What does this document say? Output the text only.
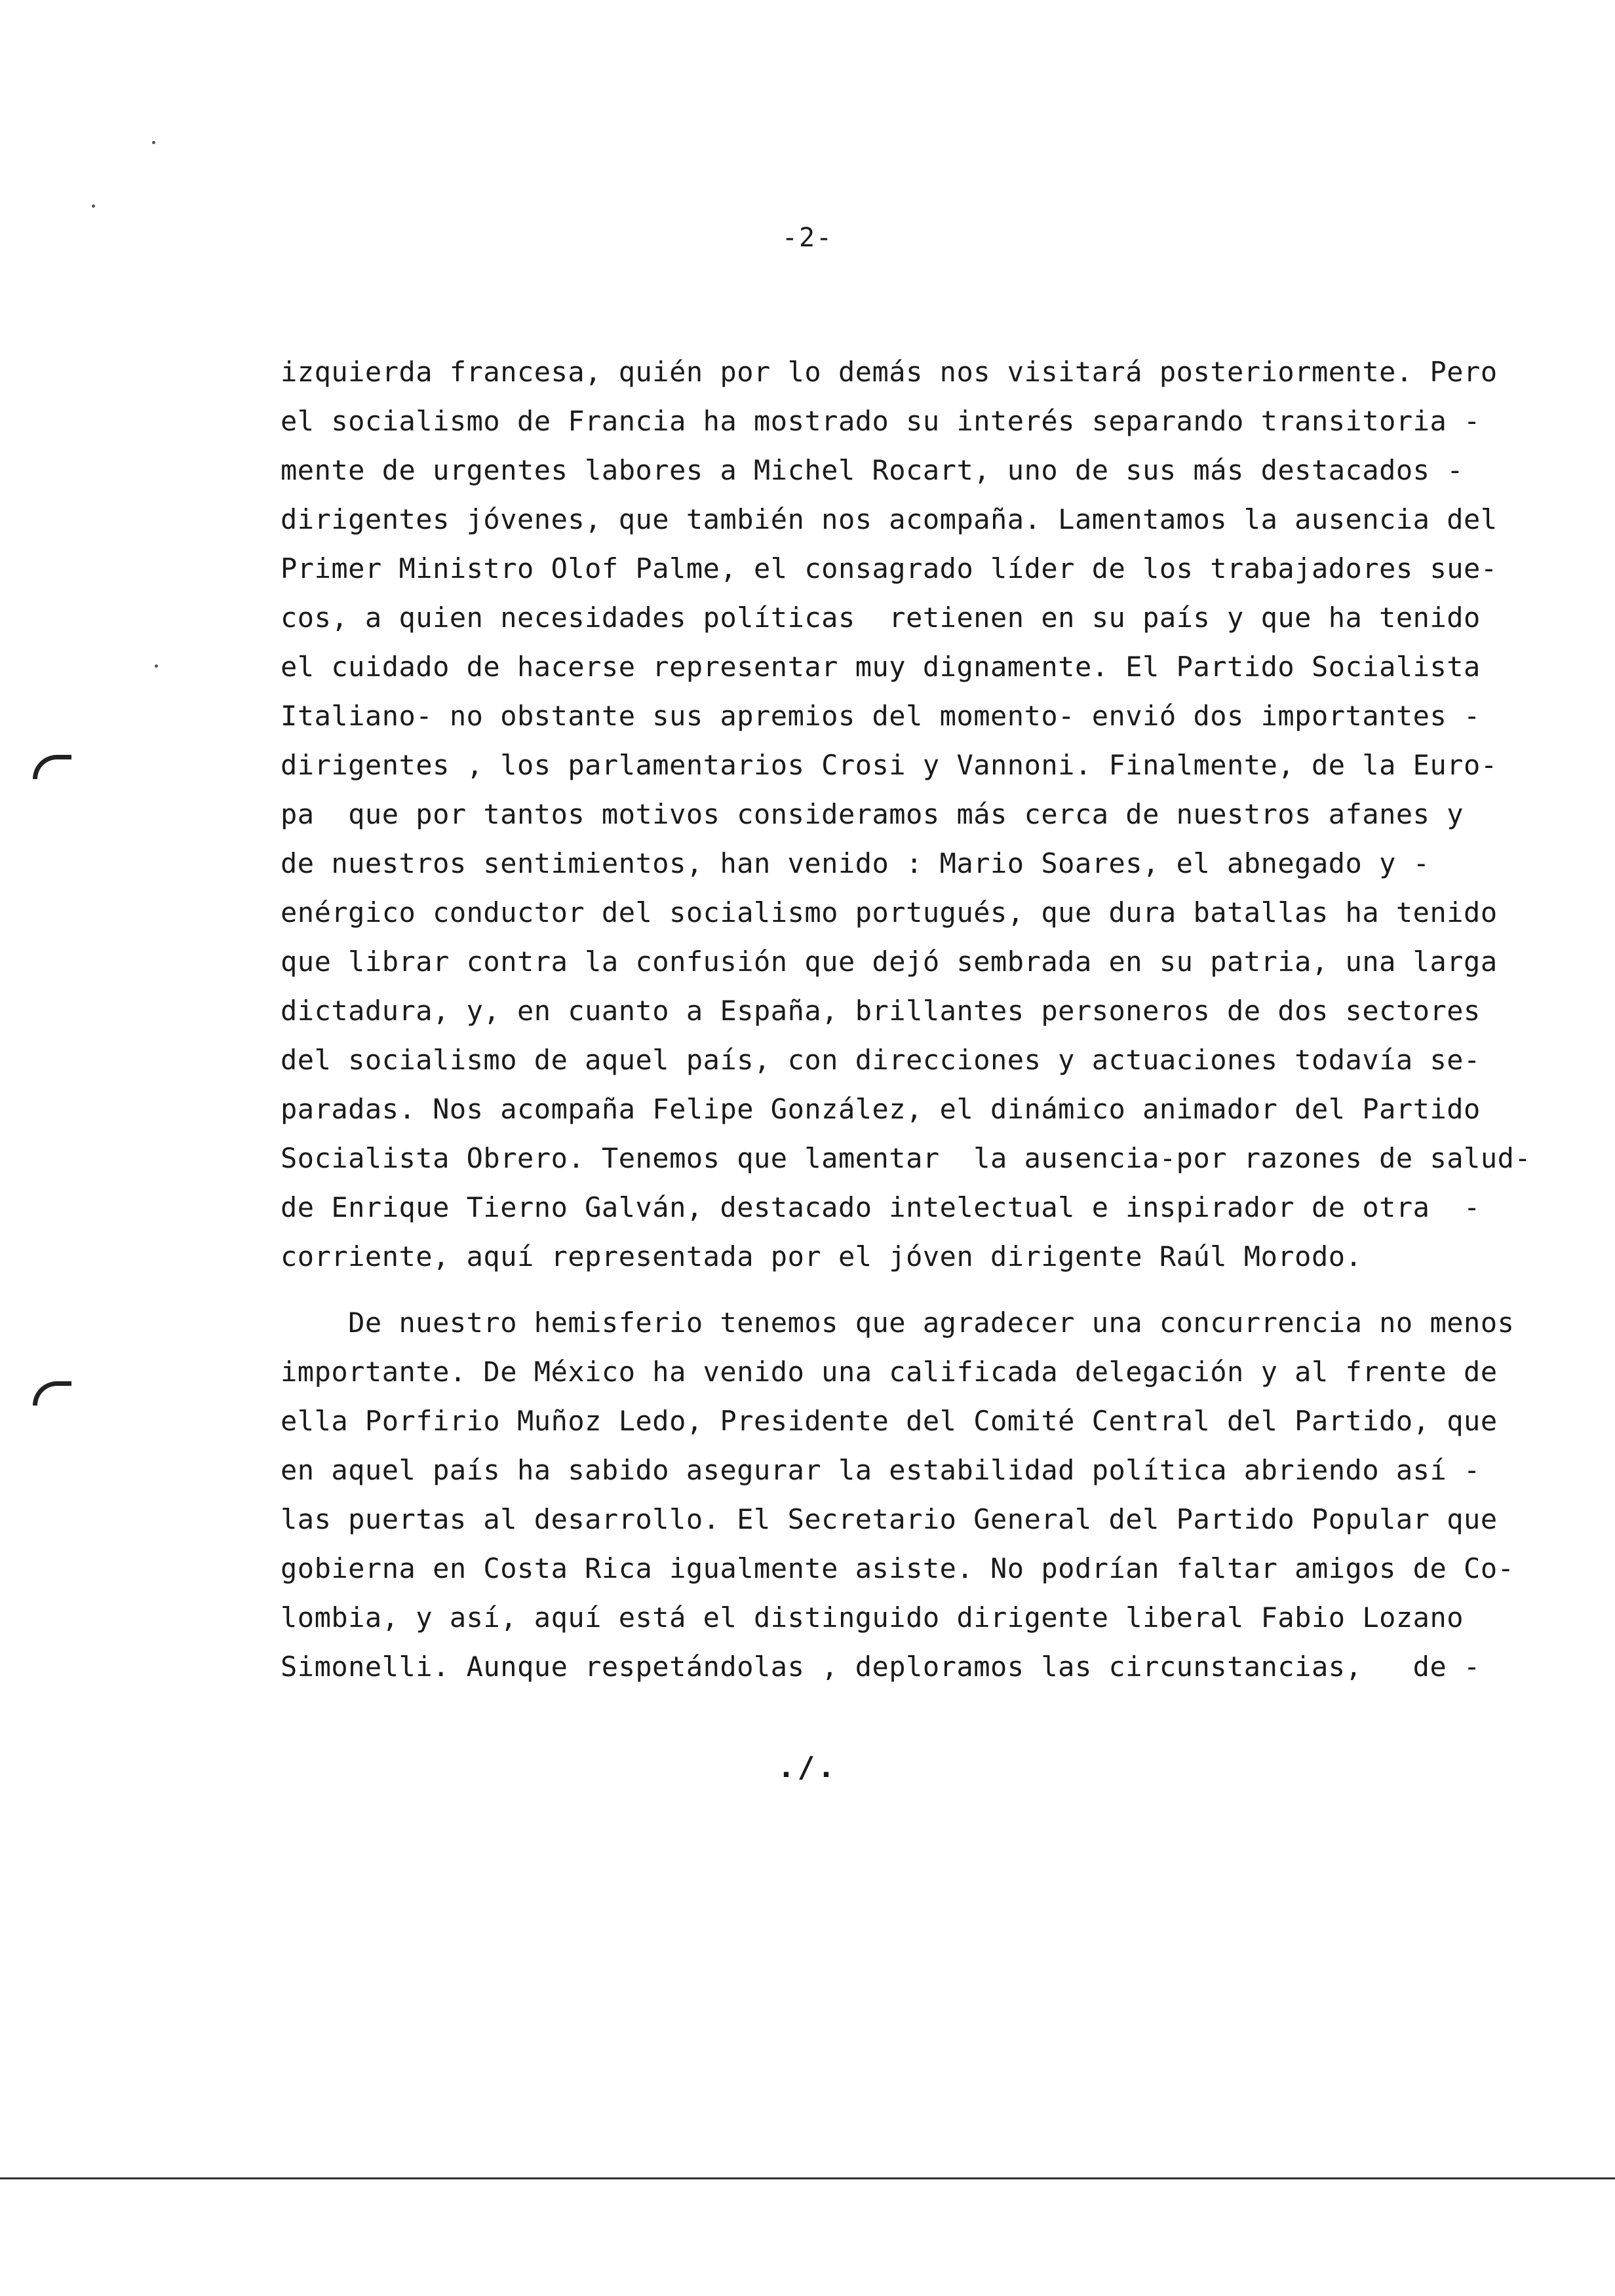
-2-
izquierda francesa, quién por lo demás nos visitará posteriormente. Pero
el socialismo de Francia ha mostrado su interés separando transitoria -
mente de urgentes labores a Michel Rocart, uno de sus más destacados -
dirigentes jóvenes, que también nos acompaña. Lamentamos la ausencia del
Primer Ministro Olof Palme, el consagrado líder de los trabajadores sue-
cos, a quien necesidades políticas  retienen en su país y que ha tenido
el cuidado de hacerse representar muy dignamente. El Partido Socialista
Italiano- no obstante sus apremios del momento- envió dos importantes -
dirigentes , los parlamentarios Crosi y Vannoni. Finalmente, de la Euro-
pa  que por tantos motivos consideramos más cerca de nuestros afanes y
de nuestros sentimientos, han venido : Mario Soares, el abnegado y -
enérgico conductor del socialismo portugués, que dura batallas ha tenido
que librar contra la confusión que dejó sembrada en su patria, una larga
dictadura, y, en cuanto a España, brillantes personeros de dos sectores
del socialismo de aquel país, con direcciones y actuaciones todavía se-
paradas. Nos acompaña Felipe González, el dinámico animador del Partido
Socialista Obrero. Tenemos que lamentar  la ausencia-por razones de salud-
de Enrique Tierno Galván, destacado intelectual e inspirador de otra  -
corriente, aquí representada por el jóven dirigente Raúl Morodo.
De nuestro hemisferio tenemos que agradecer una concurrencia no menos
importante. De México ha venido una calificada delegación y al frente de
ella Porfirio Muñoz Ledo, Presidente del Comité Central del Partido, que
en aquel país ha sabido asegurar la estabilidad política abriendo así -
las puertas al desarrollo. El Secretario General del Partido Popular que
gobierna en Costa Rica igualmente asiste. No podrían faltar amigos de Co-
lombia, y así, aquí está el distinguido dirigente liberal Fabio Lozano
Simonelli. Aunque respetándolas , deploramos las circunstancias,   de -
./.
